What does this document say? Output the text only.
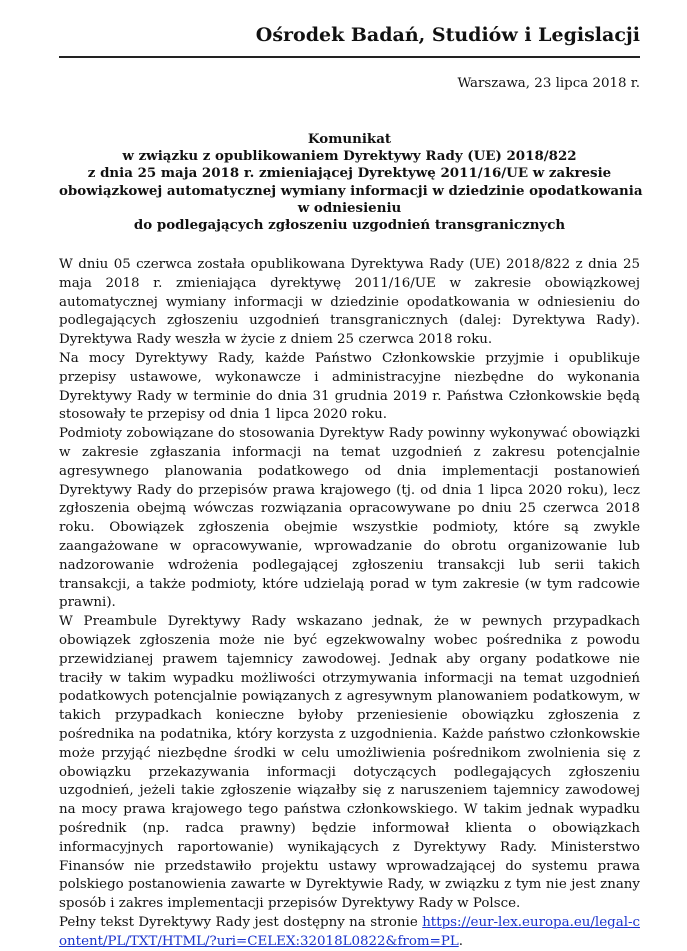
Ośrodek Badań, Studiów i Legislacji

Warszawa, 23 lipca 2018 r.

Komunikat
w związku z opublikowaniem Dyrektywy Rady (UE) 2018/822
z dnia 25 maja 2018 r. zmieniającej Dyrektywę 2011/16/UE w zakresie
obowiązkowej automatycznej wymiany informacji w dziedzinie opodatkowania
w odniesieniu
do podlegających zgłoszeniu uzgodnień transgranicznych

W dniu 05 czerwca została opublikowana Dyrektywa Rady (UE) 2018/822 z dnia 25 maja 2018 r. zmieniająca dyrektywę 2011/16/UE w zakresie obowiązkowej automatycznej wymiany informacji w dziedzinie opodatkowania w odniesieniu do podlegających zgłoszeniu uzgodnień transgranicznych (dalej: Dyrektywa Rady). Dyrektywa Rady weszła w życie z dniem 25 czerwca 2018 roku.

Na mocy Dyrektywy Rady, każde Państwo Członkowskie przyjmie i opublikuje przepisy ustawowe, wykonawcze i administracyjne niezbędne do wykonania Dyrektywy Rady w terminie do dnia 31 grudnia 2019 r. Państwa Członkowskie będą stosowały te przepisy od dnia 1 lipca 2020 roku.

Podmioty zobowiązane do stosowania Dyrektyw Rady powinny wykonywać obowiązki w zakresie zgłaszania informacji na temat uzgodnień z zakresu potencjalnie agresywnego planowania podatkowego od dnia implementacji postanowień Dyrektywy Rady do przepisów prawa krajowego (tj. od dnia 1 lipca 2020 roku), lecz zgłoszenia obejmą wówczas rozwiązania opracowywane po dniu 25 czerwca 2018 roku. Obowiązek zgłoszenia obejmie wszystkie podmioty, które są zwykle zaangażowane w opracowywanie, wprowadzanie do obrotu organizowanie lub nadzorowanie wdrożenia podlegającej zgłoszeniu transakcji lub serii takich transakcji, a także podmioty, które udzielają porad w tym zakresie (w tym radcowie prawni).

W Preambule Dyrektywy Rady wskazano jednak, że w pewnych przypadkach obowiązek zgłoszenia może nie być egzekwowalny wobec pośrednika z powodu przewidzianej prawem tajemnicy zawodowej. Jednak aby organy podatkowe nie traciły w takim wypadku możliwości otrzymywania informacji na temat uzgodnień podatkowych potencjalnie powiązanych z agresywnym planowaniem podatkowym, w takich przypadkach konieczne byłoby przeniesienie obowiązku zgłoszenia z pośrednika na podatnika, który korzysta z uzgodnienia. Każde państwo członkowskie może przyjąć niezbędne środki w celu umożliwienia pośrednikom zwolnienia się z obowiązku przekazywania informacji dotyczących podlegających zgłoszeniu uzgodnień, jeżeli takie zgłoszenie wiązałby się z naruszeniem tajemnicy zawodowej na mocy prawa krajowego tego państwa członkowskiego. W takim jednak wypadku pośrednik (np. radca prawny) będzie informował klienta o obowiązkach informacyjnych raportowanie) wynikających z Dyrektywy Rady. Ministerstwo Finansów nie przedstawiło projektu ustawy wprowadzającej do systemu prawa polskiego postanowienia zawarte w Dyrektywie Rady, w związku z tym nie jest znany sposób i zakres implementacji przepisów Dyrektywy Rady w Polsce.

Pełny tekst Dyrektywy Rady jest dostępny na stronie https://eur-lex.europa.eu/legal-content/PL/TXT/HTML/?uri=CELEX:32018L0822&from=PL.
